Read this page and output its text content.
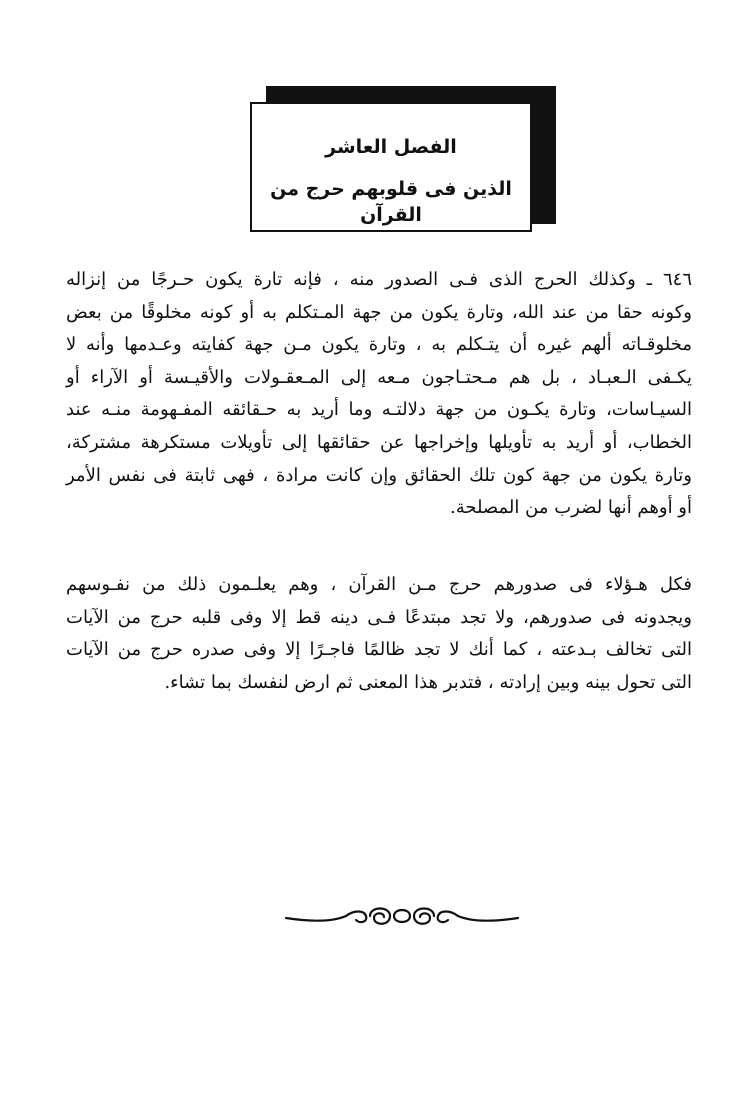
الفصل العاشر
الذين فى قلوبهم حرج من القرآن
٦٤٦ ـ وكذلك الحرج الذى فـى الصدور منه ، فإنه تارة يكون حـرجًا من إنزاله
وكونه حقا من عند الله، وتارة يكون من جهة المـتكلم به أو كونه مخلوقًا من بعض
مخلوقـاته ألهم غيره أن يتـكلم به ، وتارة يكون مـن جهة كفايته وعـدمها وأنه لا
يكـفى الـعبـاد ، بل هم مـحتـاجون مـعه إلى المـعقـولات والأقيـسة أو الآراء أو
السيـاسات، وتارة يكـون من جهة دلالتـه وما أريد به حـقائقه المفـهومة منـه عند
الخطاب، أو أريد به تأويلها وإخراجها عن حقائقها إلى تأويلات مستكرهة مشتركة،
وتارة يكون من جهة كون تلك الحقائق وإن كانت مرادة ، فهى ثابتة فى نفس الأمر
أو أوهم أنها لضرب من المصلحة.
فكل هـؤلاء فى صدورهم حرج مـن القرآن ، وهم يعلـمون ذلك من نفـوسهم
ويجدونه فى صدورهم، ولا تجد مبتدعًا فـى دينه قط إلا وفى قلبه حرج من الآيات
التى تخالف بـدعته ، كما أنك لا تجد ظالمًا فاجـرًا إلا وفى صدره حرج من الآيات
التى تحول بينه وبين إرادته ، فتدبر هذا المعنى ثم ارض لنفسك بما تشاء.
